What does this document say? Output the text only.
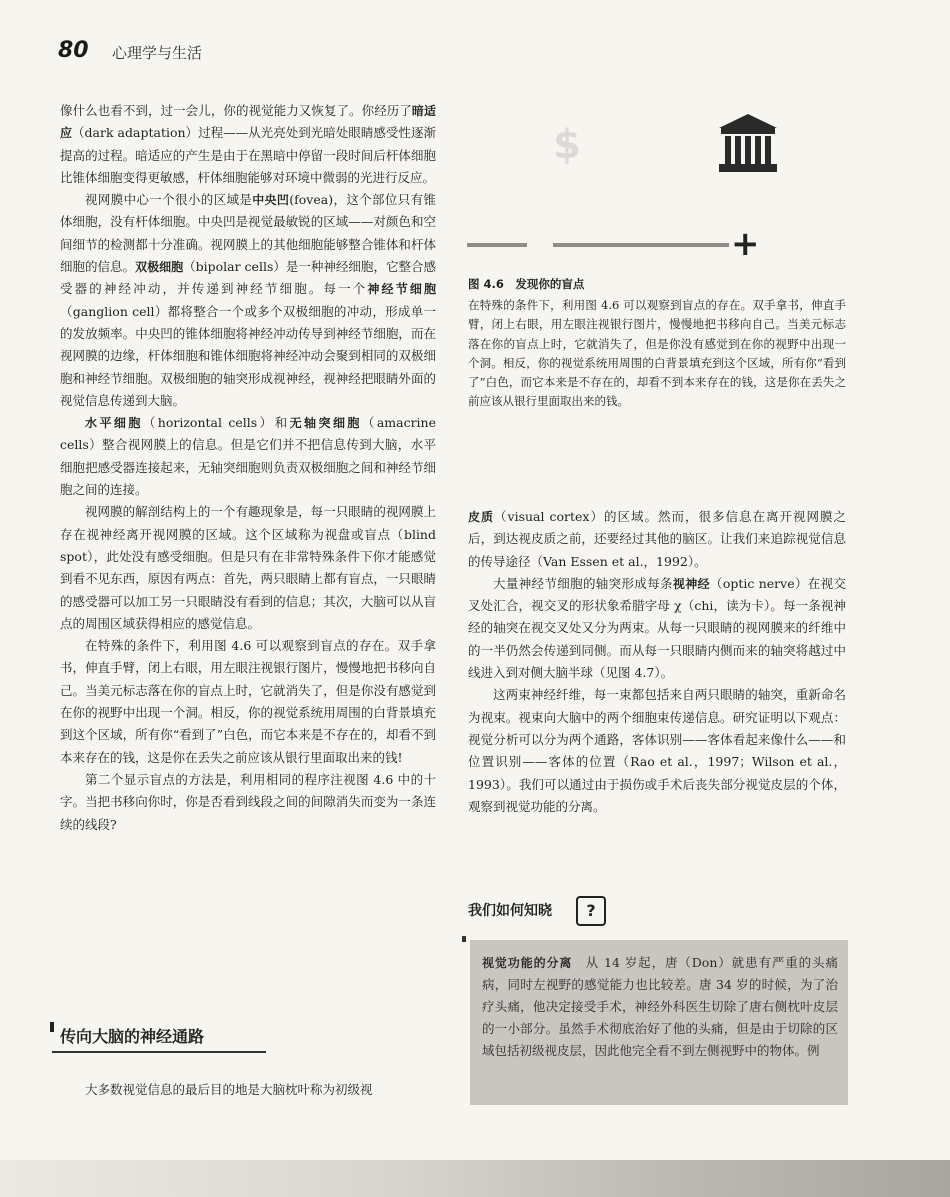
80 心理学与生活

像什么也看不到，过一会儿，你的视觉能力又恢复了。你经历了暗适应（dark adaptation）过程——从光亮处到光暗处眼睛感受性逐渐提高的过程。暗适应的产生是由于在黑暗中停留一段时间后杆体细胞比锥体细胞变得更敏感，杆体细胞能够对环境中微弱的光进行反应。

视网膜中心一个很小的区域是中央凹(fovea)，这个部位只有锥体细胞，没有杆体细胞。中央凹是视觉最敏锐的区域——对颜色和空间细节的检测都十分准确。视网膜上的其他细胞能够整合锥体和杆体细胞的信息。双极细胞（bipolar cells）是一种神经细胞，它整合感受器的神经冲动，并传递到神经节细胞。每一个神经节细胞（ganglion cell）都将整合一个或多个双极细胞的冲动，形成单一的发放频率。中央凹的锥体细胞将神经冲动传导到神经节细胞，而在视网膜的边缘，杆体细胞和锥体细胞将神经冲动会聚到相同的双极细胞和神经节细胞。双极细胞的轴突形成视神经，视神经把眼睛外面的视觉信息传递到大脑。

水平细胞（horizontal cells）和无轴突细胞（amacrine cells）整合视网膜上的信息。但是它们并不把信息传到大脑，水平细胞把感受器连接起来，无轴突细胞则负责双极细胞之间和神经节细胞之间的连接。

视网膜的解剖结构上的一个有趣现象是，每一只眼睛的视网膜上存在视神经离开视网膜的区域。这个区域称为视盘或盲点（blind spot），此处没有感受细胞。但是只有在非常特殊条件下你才能感觉到看不见东西，原因有两点：首先，两只眼睛上都有盲点，一只眼睛的感受器可以加工另一只眼睛没有看到的信息；其次，大脑可以从盲点的周围区域获得相应的感觉信息。

在特殊的条件下，利用图 4.6 可以观察到盲点的存在。双手拿书，伸直手臂，闭上右眼，用左眼注视银行图片，慢慢地把书移向自己。当美元标志落在你的盲点上时，它就消失了，但是你没有感觉到在你的视野中出现一个洞。相反，你的视觉系统用周围的白背景填充到这个区域，所有你“看到了”白色，而它本来是不存在的，却看不到本来存在的钱，这是你在丢失之前应该从银行里面取出来的钱!

第二个显示盲点的方法是，利用相同的程序注视图 4.6 中的十字。当把书移向你时，你是否看到线段之间的间隙消失而变为一条连续的线段?

传向大脑的神经通路
大多数视觉信息的最后目的地是大脑枕叶称为初级视
$
+
图 4.6　发现你的盲点
在特殊的条件下，利用图 4.6 可以观察到盲点的存在。双手拿书，伸直手臂，闭上右眼，用左眼注视银行图片，慢慢地把书移向自己。当美元标志落在你的盲点上时，它就消失了，但是你没有感觉到在你的视野中出现一个洞。相反，你的视觉系统用周围的白背景填充到这个区域，所有你“看到了”白色，而它本来是不存在的，却看不到本来存在的钱，这是你在丢失之前应该从银行里面取出来的钱。

皮质（visual cortex）的区域。然而，很多信息在离开视网膜之后，到达视皮质之前，还要经过其他的脑区。让我们来追踪视觉信息的传导途径（Van Essen et al.，1992）。

大量神经节细胞的轴突形成每条视神经（optic nerve）在视交叉处汇合，视交叉的形状象希腊字母 χ（chi，读为卡）。每一条视神经的轴突在视交叉处又分为两束。从每一只眼睛的视网膜来的纤维中的一半仍然会传递到同侧。而从每一只眼睛内侧而来的轴突将越过中线进入到对侧大脑半球（见图 4.7）。

这两束神经纤维，每一束都包括来自两只眼睛的轴突，重新命名为视束。视束向大脑中的两个细胞束传递信息。研究证明以下观点：视觉分析可以分为两个通路，客体识别——客体看起来像什么——和位置识别——客体的位置（Rao et al.，1997；Wilson et al.，1993）。我们可以通过由于损伤或手术后丧失部分视觉皮层的个体，观察到视觉功能的分离。

我们如何知晓	?
视觉功能的分离　 从 14 岁起，唐（Don）就患有严重的头痛病，同时左视野的感觉能力也比较差。唐 34 岁的时候，为了治疗头痛，他决定接受手术，神经外科医生切除了唐右侧枕叶皮层的一小部分。虽然手术彻底治好了他的头痛，但是由于切除的区域包括初级视皮层，因此他完全看不到左侧视野中的物体。例
